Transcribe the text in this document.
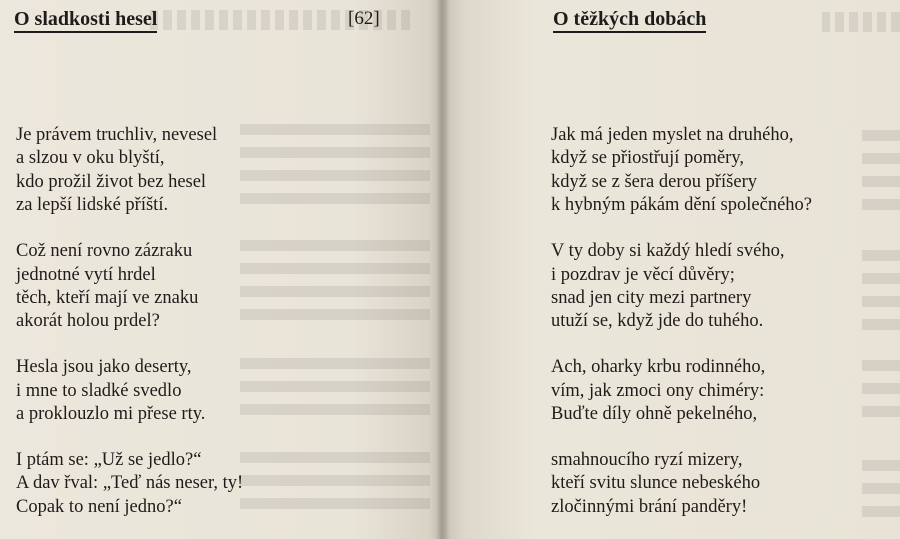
O sladkosti hesel	[62]

Je právem truchliv, nevesel
a slzou v oku blyští,
kdo prožil život bez hesel
za lepší lidské příští.

Což není rovno zázraku
jednotné vytí hrdel
těch, kteří mají ve znaku
akorát holou prdel?

Hesla jsou jako deserty,
i mne to sladké svedlo
a proklouzlo mi přese rty.

I ptám se: „Už se jedlo?“
A dav řval: „Teď nás neser, ty!
Copak to není jedno?“

O těžkých dobách

Jak má jeden myslet na druhého,
když se přiostřují poměry,
když se z šera derou příšery
k hybným pákám dění společného?

V ty doby si každý hledí svého,
i pozdrav je věcí důvěry;
snad jen city mezi partnery
utuží se, když jde do tuhého.

Ach, oharky krbu rodinného,
vím, jak zmoci ony chiméry:
Buďte díly ohně pekelného,

smahnoucího ryzí mizery,
kteří svitu slunce nebeského
zločinnými brání panděry!
